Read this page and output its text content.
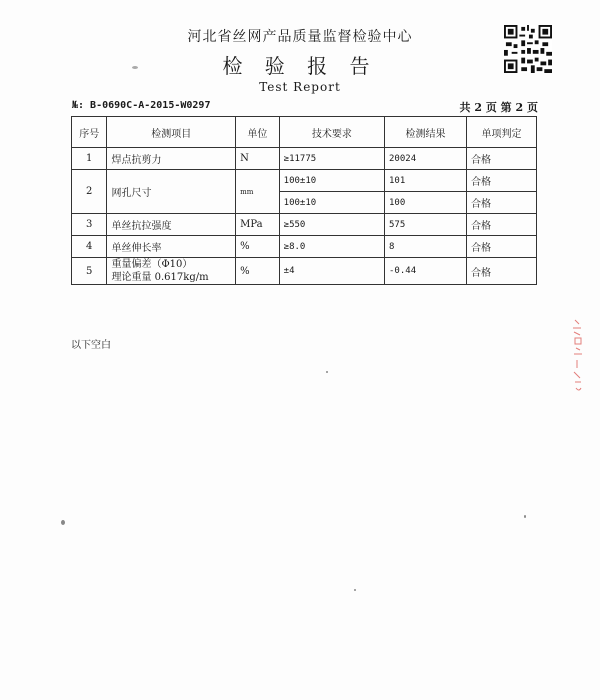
河北省丝网产品质量监督检验中心
检 验 报 告
Test Report
№: B-0690C-A-2015-W0297	共 2 页 第 2 页
序号	检测项目	单位	技术要求	检测结果	单项判定
1	焊点抗剪力	N	≥11775	20024	合格
2	网孔尺寸	mm	100±10	101	合格
			100±10	100	合格
3	单丝抗拉强度	MPa	≥550	575	合格
4	单丝伸长率	%	≥8.0	8	合格
5	重量偏差（Φ10）
理论重量 0.617kg/m	%	±4	-0.44	合格
以下空白
